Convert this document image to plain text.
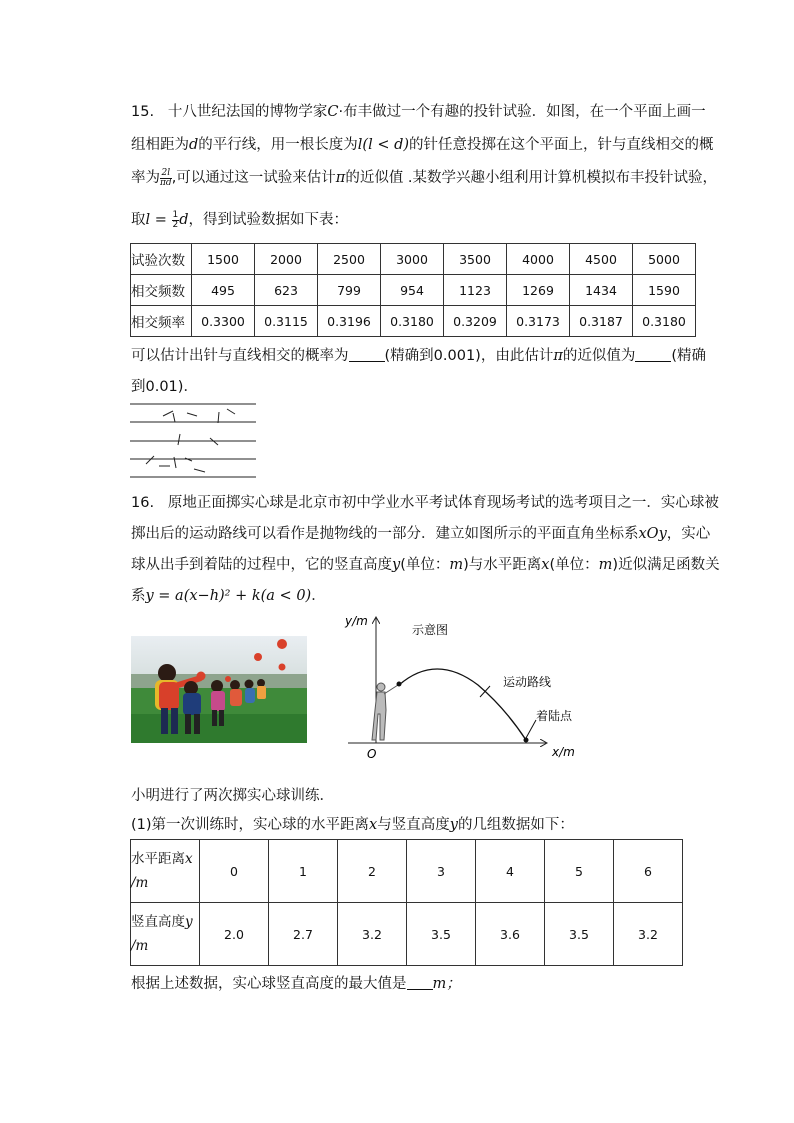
15. 十八世纪法国的博物学家C·布丰做过一个有趣的投针试验．如图，在一个平面上画一
组相距为d的平行线，用一根长度为l(l < d)的针任意投掷在这个平面上，针与直线相交的概
率为 $\frac{2l}{\pi d}$ ,可以通过这一试验来估计π的近似值 .某数学兴趣小组利用计算机模拟布丰投针试验，
取$l = \frac{1}{2}$ d，得到试验数据如下表：
试验次数	1500	2000	2500	3000	3500	4000	4500	5000
相交频数	495	623	799	954	1123	1269	1434	1590
相交频率	0.3300	0.3115	0.3196	0.3180	0.3209	0.3173	0.3187	0.3180
可以估计出针与直线相交的概率为 (精确到0.001)，由此估计π的近似值为 (精确
到0.01)．
16. 原地正面掷实心球是北京市初中学业水平考试体育现场考试的选考项目之一．实心球被
掷出后的运动路线可以看作是抛物线的一部分．建立如图所示的平面直角坐标系xOy，实心
球从出手到着陆的过程中，它的竖直高度y(单位：m)与水平距离x(单位：m)近似满足函数关
系y = a(x−h)² + k(a < 0)．
y/m
x/m
O
示意图
运动路线
着陆点
小明进行了两次掷实心球训练．
(1)第一次训练时，实心球的水平距离x与竖直高度y的几组数据如下：
水平距离x
/m	0	1	2	3	4	5	6
竖直高度y
/m	2.0	2.7	3.2	3.5	3.6	3.5	3.2
根据上述数据，实心球竖直高度的最大值是 m；
